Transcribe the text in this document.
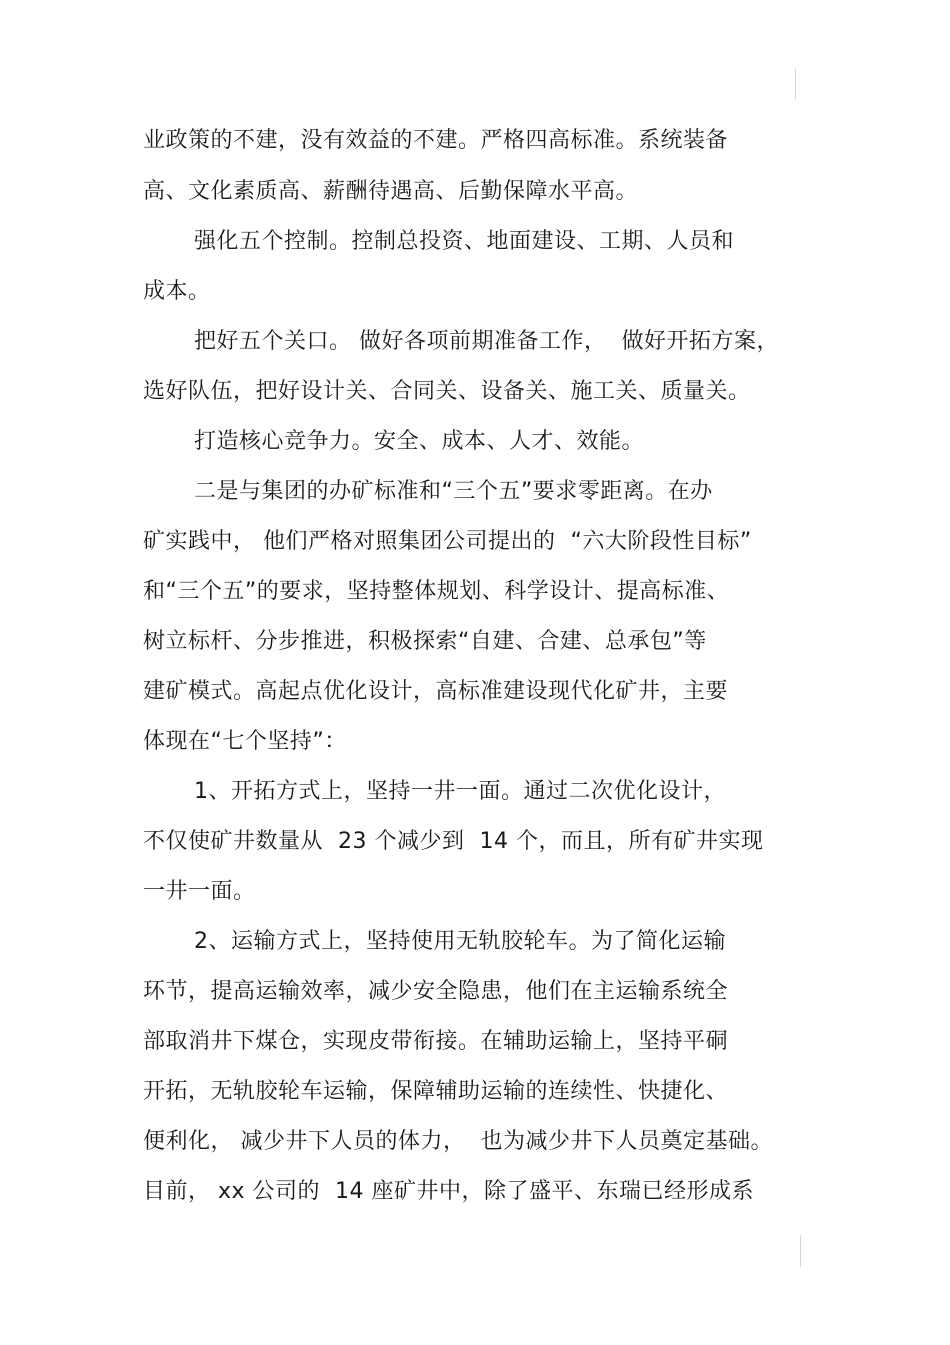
业政策的不建，没有效益的不建。严格四高标准。系统装备
高、文化素质高、薪酬待遇高、后勤保障水平高。
强化五个控制。控制总投资、地面建设、工期、人员和
成本。
把好五个关口。 做好各项前期准备工作，  做好开拓方案，
选好队伍，把好设计关、合同关、设备关、施工关、质量关。
打造核心竞争力。安全、成本、人才、效能。
二是与集团的办矿标准和“三个五”要求零距离。在办
矿实践中， 他们严格对照集团公司提出的  “六大阶段性目标”
和“三个五”的要求，坚持整体规划、科学设计、提高标准、
树立标杆、分步推进，积极探索“自建、合建、总承包”等
建矿模式。高起点优化设计，高标准建设现代化矿井，主要
体现在“七个坚持”：
1、开拓方式上，坚持一井一面。通过二次优化设计，
不仅使矿井数量从  23 个减少到  14 个，而且，所有矿井实现
一井一面。
2、运输方式上，坚持使用无轨胶轮车。为了简化运输
环节，提高运输效率，减少安全隐患，他们在主运输系统全
部取消井下煤仓，实现皮带衔接。在辅助运输上，坚持平硐
开拓，无轨胶轮车运输，保障辅助运输的连续性、快捷化、
便利化， 减少井下人员的体力，  也为减少井下人员奠定基础。
目前， xx 公司的  14 座矿井中，除了盛平、东瑞已经形成系
